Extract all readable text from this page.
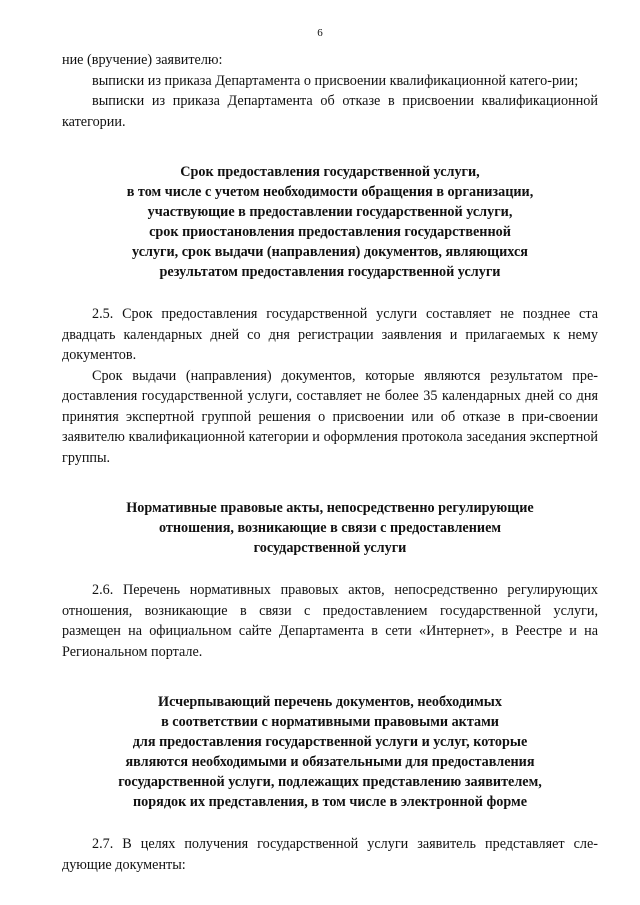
6

ние (вручение) заявителю:

выписки из приказа Департамента о присвоении квалификационной катего-рии;

выписки из приказа Департамента об отказе в присвоении квалификационной категории.

Срок предоставления государственной услуги,
в том числе с учетом необходимости обращения в организации,
участвующие в предоставлении государственной услуги,
срок приостановления предоставления государственной
услуги, срок выдачи (направления) документов, являющихся
результатом предоставления государственной услуги

2.5. Срок предоставления государственной услуги составляет не позднее ста двадцать календарных дней со дня регистрации заявления и прилагаемых к нему документов.

Срок выдачи (направления) документов, которые являются результатом пре-доставления государственной услуги, составляет не более 35 календарных дней со дня принятия экспертной группой решения о присвоении или об отказе в при-своении заявителю квалификационной категории и оформления протокола заседания экспертной группы.

Нормативные правовые акты, непосредственно регулирующие
отношения, возникающие в связи с предоставлением
государственной услуги

2.6. Перечень нормативных правовых актов, непосредственно регулирующих отношения, возникающие в связи с предоставлением государственной услуги, размещен на официальном сайте Департамента в сети «Интернет», в Реестре и на Региональном портале.

Исчерпывающий перечень документов, необходимых
в соответствии с нормативными правовыми актами
для предоставления государственной услуги и услуг, которые
являются необходимыми и обязательными для предоставления
государственной услуги, подлежащих представлению заявителем,
порядок их представления, в том числе в электронной форме

2.7. В целях получения государственной услуги заявитель представляет сле-дующие документы:
